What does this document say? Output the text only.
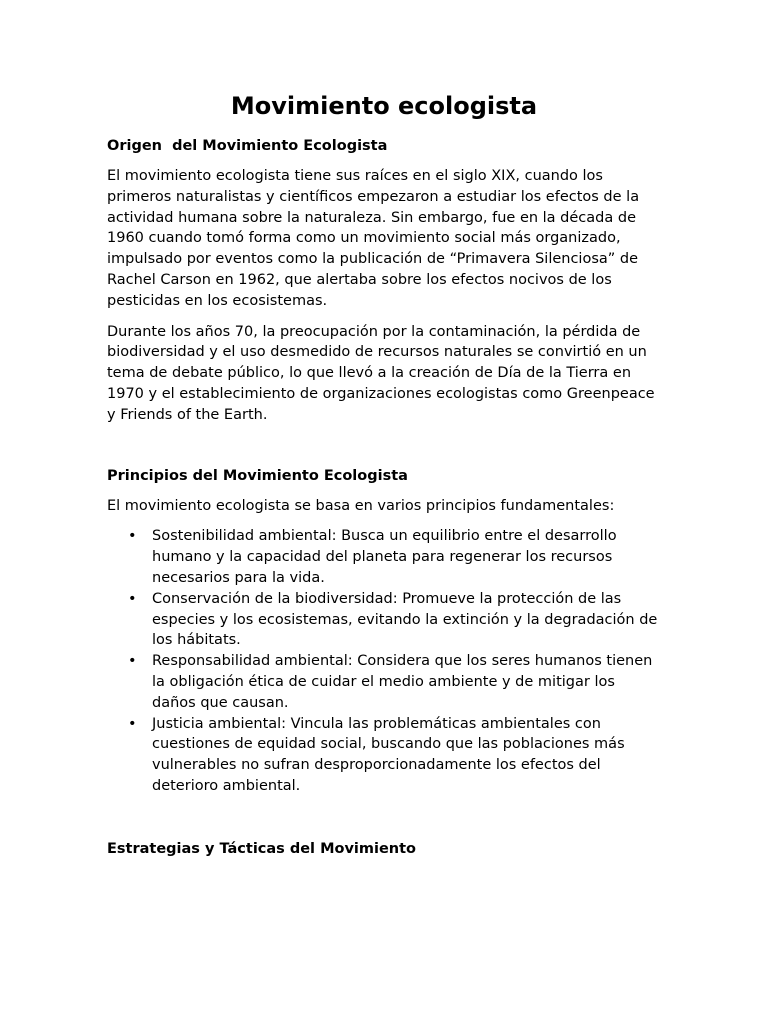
Movimiento ecologista
Origen  del Movimiento Ecologista

El movimiento ecologista tiene sus raíces en el siglo XIX, cuando los primeros naturalistas y científicos empezaron a estudiar los efectos de la actividad humana sobre la naturaleza. Sin embargo, fue en la década de 1960 cuando tomó forma como un movimiento social más organizado, impulsado por eventos como la publicación de “Primavera Silenciosa” de Rachel Carson en 1962, que alertaba sobre los efectos nocivos de los pesticidas en los ecosistemas.

Durante los años 70, la preocupación por la contaminación, la pérdida de biodiversidad y el uso desmedido de recursos naturales se convirtió en un tema de debate público, lo que llevó a la creación de Día de la Tierra en 1970 y el establecimiento de organizaciones ecologistas como Greenpeace y Friends of the Earth.

Principios del Movimiento Ecologista

El movimiento ecologista se basa en varios principios fundamentales:

• Sostenibilidad ambiental: Busca un equilibrio entre el desarrollo humano y la capacidad del planeta para regenerar los recursos necesarios para la vida.
• Conservación de la biodiversidad: Promueve la protección de las especies y los ecosistemas, evitando la extinción y la degradación de los hábitats.
• Responsabilidad ambiental: Considera que los seres humanos tienen la obligación ética de cuidar el medio ambiente y de mitigar los daños que causan.
• Justicia ambiental: Vincula las problemáticas ambientales con cuestiones de equidad social, buscando que las poblaciones más vulnerables no sufran desproporcionadamente los efectos del deterioro ambiental.
Estrategias y Tácticas del Movimiento
